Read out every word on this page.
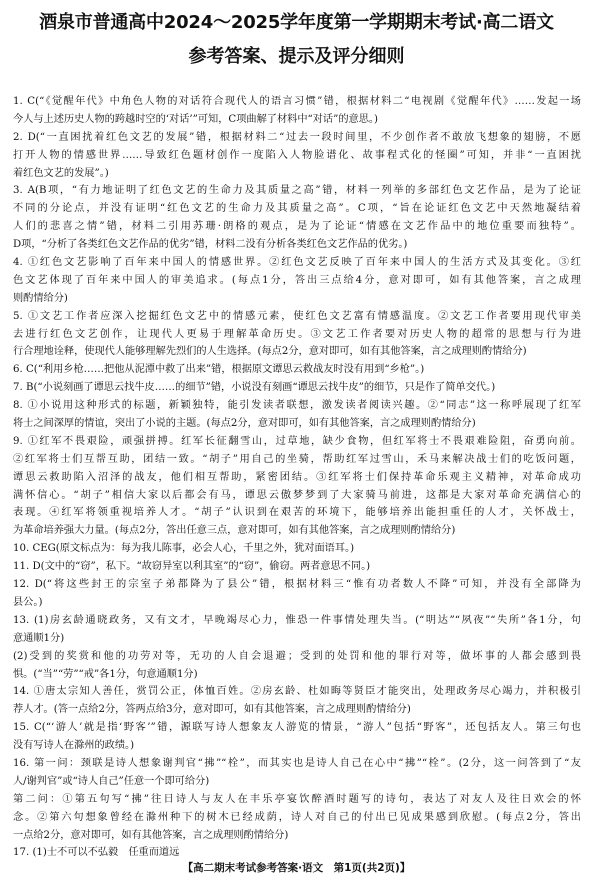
酒泉市普通高中2024～2025学年度第一学期期末考试·高二语文
参考答案、提示及评分细则
1. C(“《觉醒年代》中角色人物的对话符合现代人的语言习惯”错，根据材料二“电视剧《觉醒年代》……发起一场
今人与上述历史人物的跨越时空的‘对话’”可知，C项曲解了材料中“对话”的意思。)
2. D(“一直困扰着红色文艺的发展”错，根据材料二“过去一段时间里，不少创作者不敢放飞想象的翅膀，不愿
打开人物的情感世界……导致红色题材创作一度陷入人物脸谱化、故事程式化的怪圈”可知，并非“一直困扰
着红色文艺的发展”。)
3. A(B项，“有力地证明了红色文艺的生命力及其质量之高”错，材料一列举的多部红色文艺作品，是为了论证
不同的分论点，并没有证明“红色文艺的生命力及其质量之高”。C项，“旨在论证红色文艺中天然地凝结着
人们的悲喜之情”错，材料二引用苏珊·朗格的观点，是为了论证“情感在文艺作品中的地位重要而独特”。
D项，“分析了各类红色文艺作品的优劣”错，材料二没有分析各类红色文艺作品的优劣。)
4. ①红色文艺影响了百年来中国人的情感世界。②红色文艺反映了百年来中国人的生活方式及其变化。③红
色文艺体现了百年来中国人的审美追求。(每点1分，答出三点给4分，意对即可，如有其他答案，言之成理
则酌情给分)
5. ①文艺工作者应深入挖掘红色文艺中的情感元素，使红色文艺富有情感温度。②文艺工作者要用现代审美
去进行红色文艺创作，让现代人更易于理解革命历史。③文艺工作者要对历史人物的超常的思想与行为进
行合理地诠释，使现代人能够理解先烈们的人生选择。(每点2分，意对即可，如有其他答案，言之成理则酌情给分)
6. C(“利用乡枪……把他从泥潭中救了出来”错，根据原文谭思云救战友时没有用到“乡枪”。)
7. B(“小说刻画了谭思云找牛皮……的细节”错，小说没有刻画“谭思云找牛皮”的细节，只是作了简单交代。)
8. ①小说用这种形式的标题，新颖独特，能引发读者联想，激发读者阅读兴趣。②“同志”这一称呼展现了红军
将士之间深厚的情谊，突出了小说的主题。(每点2分，意对即可，如有其他答案，言之成理则酌情给分)
9. ①红军不畏艰险，顽强拼搏。红军长征翻雪山，过草地，缺少食物，但红军将士不畏艰难险阻，奋勇向前。
②红军将士们互帮互助，团结一致。“胡子”用自己的坐骑，帮助红军过雪山，禾马来解决战士们的吃饭问题，
谭思云救助陷入沼泽的战友，他们相互帮助，紧密团结。③红军将士们保持革命乐观主义精神，对革命成功
满怀信心。“胡子”相信大家以后都会有马，谭思云傲梦梦到了大家骑马前进，这都是大家对革命充满信心的
表现。④红军将领重视培养人才。“胡子”认识到在艰苦的环境下，能够培养出能担重任的人才，关怀战士，
为革命培养强大力量。(每点2分，答出任意三点，意对即可，如有其他答案，言之成理则酌情给分)
10. CEG(原文标点为：每为我儿陈事，必会人心，千里之外，犹对面语耳。)
11. D(文中的“窃”，私下。“故窃异室以利其室”的“窃”，偷窃。两者意思不同。)
12. D(“将这些封王的宗室子弟都降为了县公”错，根据材料三“惟有功者数人不降”可知，并没有全部降为
县公。)
13. (1)房玄龄通晓政务，又有文才，早晚竭尽心力，惟恐一件事情处理失当。(“明达”“夙夜”“失所”各1分，句
意通顺1分)
(2)受到的奖赏和他的功劳对等，无功的人自会退避；受到的处罚和他的罪行对等，做坏事的人都会感到畏
惧。(“当”“劳”“戒”各1分，句意通顺1分)
14. ①唐太宗知人善任，赏罚公正，体恤百姓。②房玄龄、杜如晦等贤臣才能突出，处理政务尽心竭力，并积极引
荐人才。(答一点给2分，答两点给3分，意对即可，如有其他答案，言之成理则酌情给分)
15. C(“‘游人’就是指‘野客’”错，源联写诗人想象友人游览的情景，“游人”包括“野客”，还包括友人。第三句也
没有写诗人在滁州的政绩。)
16. 第一问：颈联是诗人想象谢判官“拂”“栓”，而其实也是诗人自己在心中“拂”“栓”。(2分，这一问答到了“友
人/谢判官”或“诗人自己”任意一个即可给分)
第二问：①第五句写“拂”往日诗人与友人在丰乐亭宴饮醉酒时题写的诗句，表达了对友人及往日欢会的怀
念。②第六句想象曾经在滁州种下的树木已经成荫，诗人对自己的付出已见成果感到欣慰。(每点2分，答出
一点给2分，意对即可，如有其他答案，言之成理则酌情给分)
17. (1)士不可以不弘毅　任重而道远
【高二期末考试参考答案·语文　第1页(共2页)】
